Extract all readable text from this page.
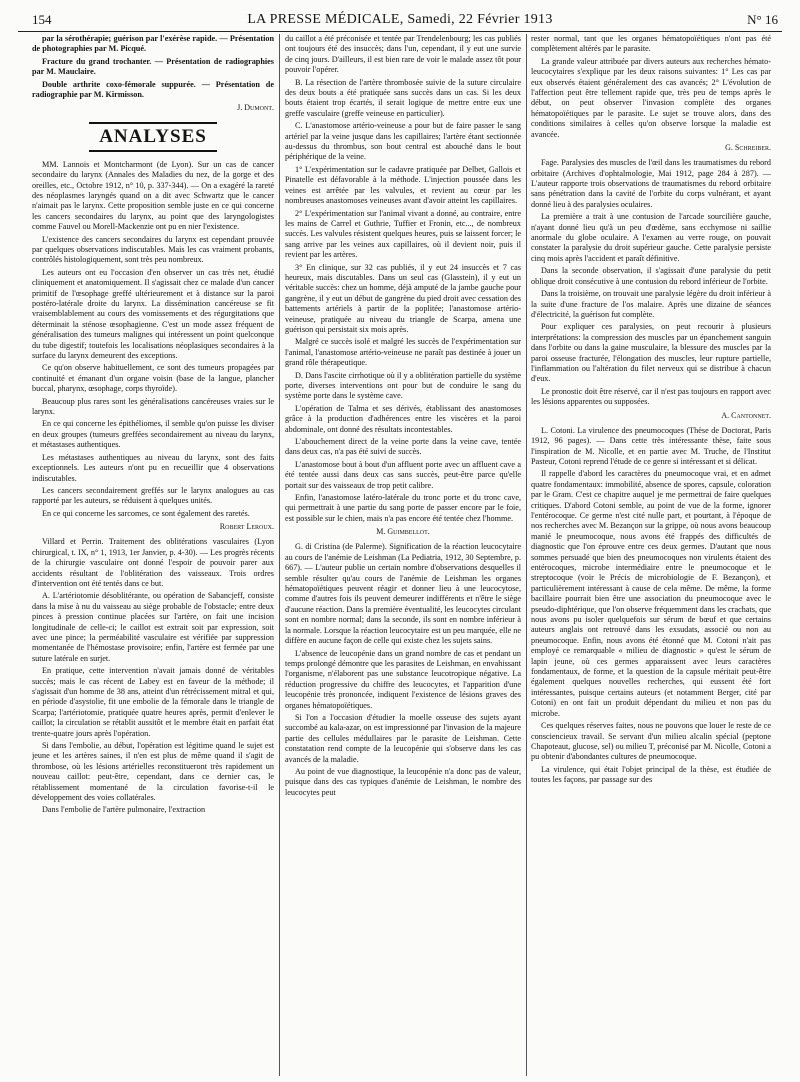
154	LA PRESSE MÉDICALE, Samedi, 22 Février 1913	N° 16

par la sérothérapie; guérison par l'exérèse rapide. — Présentation de photographies par M. Picqué.

Fracture du grand trochanter. — Présentation de radiographies par M. Mauclaire.

Double arthrite coxo-fémorale suppurée. — Présentation de radiographie par M. Kirmisson.

J. Dumont.
ANALYSES

MM. Lannois et Montcharmont (de Lyon). Sur un cas de cancer secondaire du larynx (Annales des Maladies du nez, de la gorge et des oreilles, etc., Octobre 1912, n° 10, p. 337-344). — On a exagéré la rareté des néoplasmes laryngés quand on a dit avec Schwartz que le cancer n'aimait pas le larynx. Cette proposition semble juste en ce qui concerne les cancers secondaires du larynx, au point que des laryngologistes comme Fauvel ou Morell-Mackenzie ont pu en nier l'existence.

L'existence des cancers secondaires du larynx est cependant prouvée par quelques observations indiscutables. Mais les cas vraiment probants, contrôlés histologiquement, sont très peu nombreux.

Les auteurs ont eu l'occasion d'en observer un cas très net, étudié cliniquement et anatomiquement. Il s'agissait chez ce malade d'un cancer primitif de l'œsophage greffé ultérieurement et à distance sur la paroi postéro-latérale droite du larynx. La dissémination cancéreuse se fit vraisemblablement au cours des vomissements et des régurgitations que déterminait la sténose œsophagienne. C'est un mode assez fréquent de généralisation des tumeurs malignes qui intéressent un point quelconque du tube digestif; toutefois les localisations néoplasiques secondaires à la surface du larynx demeurent des exceptions.

Ce qu'on observe habituellement, ce sont des tumeurs propagées par continuité et émanant d'un organe voisin (base de la langue, plancher buccal, pharynx, œsophage, corps thyroïde).

Beaucoup plus rares sont les généralisations cancéreuses vraies sur le larynx.

En ce qui concerne les épithéliomes, il semble qu'on puisse les diviser en deux groupes (tumeurs greffées secondairement au niveau du larynx, et métastases authentiques.

Les métastases authentiques au niveau du larynx, sont des faits exceptionnels. Les auteurs n'ont pu en recueillir que 4 observations indiscutables.

Les cancers secondairement greffés sur le larynx analogues au cas rapporté par les auteurs, se réduisent à quelques unités.

En ce qui concerne les sarcomes, ce sont également des raretés.

Robert Leroux.

Villard et Perrin. Traitement des oblitérations vasculaires (Lyon chirurgical, t. IX, n° 1, 1913, 1er Janvier, p. 4-30). — Les progrès récents de la chirurgie vasculaire ont donné l'espoir de pouvoir parer aux accidents résultant de l'oblitération des vaisseaux. Trois ordres d'intervention ont été tentés dans ce but.

A. L'artériotomie désoblitérante, ou opération de Sabancjeff, consiste dans la mise à nu du vaisseau au siège probable de l'obstacle; entre deux pinces à pression continue placées sur l'artère, on fait une incision longitudinale de celle-ci; le caillot est extrait soit par expression, soit avec une pince; la perméabilité vasculaire est vérifiée par suppression momentanée de l'hémostase provisoire; enfin, l'artère est fermée par une suture latérale en surjet.

En pratique, cette intervention n'avait jamais donné de véritables succès; mais le cas récent de Labey est en faveur de la méthode; il s'agissait d'un homme de 38 ans, atteint d'un rétrécissement mitral et qui, en période d'asystolie, fit une embolie de la fémorale dans le triangle de Scarpa; l'artériotomie, pratiquée quatre heures après, permit d'enlever le caillot; la circulation se rétablit aussitôt et le membre était en parfait état trente-quatre jours après l'opération.

Si dans l'embolie, au début, l'opération est légitime quand le sujet est jeune et les artères saines, il n'en est plus de même quand il s'agit de thrombose, où les lésions artérielles reconstitueront très rapidement un nouveau caillot: peut-être, cependant, dans ce dernier cas, le rétablissement momentané de la circulation favorise-t-il le développement des voies collatérales.

Dans l'embolie de l'artère pulmonaire, l'extraction

du caillot a été préconisée et tentée par Trendelenbourg; les cas publiés ont toujours été des insuccès; dans l'un, cependant, il y eut une survie de cinq jours. D'ailleurs, il est bien rare de voir le malade assez tôt pour pouvoir l'opérer.

B. La résection de l'artère thrombosée suivie de la suture circulaire des deux bouts a été pratiquée sans succès dans un cas. Si les deux bouts étaient trop écartés, il serait logique de mettre entre eux une greffe vasculaire (greffe veineuse en particulier).

C. L'anastomose artério-veineuse a pour but de faire passer le sang artériel par la veine jusque dans les capillaires; l'artère étant sectionnée au-dessus du thrombus, son bout central est abouché dans le bout périphérique de la veine.

1° L'expérimentation sur le cadavre pratiquée par Delbet, Gallois et Pinatelle est défavorable à la méthode. L'injection poussée dans les veines est arrêtée par les valvules, et revient au cœur par les nombreuses anastomoses veineuses avant d'avoir atteint les capillaires.

2° L'expérimentation sur l'animal vivant a donné, au contraire, entre les mains de Carrel et Guthrie, Tuffier et Fronin, etc..., de nombreux succès. Les valvules résistent quelques heures, puis se laissent forcer; le sang arrive par les veines aux capillaires, où il devient noir, puis il revient par les artères.

3° En clinique, sur 32 cas publiés, il y eut 24 insuccès et 7 cas heureux, mais discutables. Dans un seul cas (Glasstein), il y eut un véritable succès: chez un homme, déjà amputé de la jambe gauche pour gangrène, il y eut un début de gangrène du pied droit avec cessation des battements artériels à partir de la poplitée; l'anastomose artério-veineuse, pratiquée au niveau du triangle de Scarpa, amena une guérison qui persistait six mois après.

Malgré ce succès isolé et malgré les succès de l'expérimentation sur l'animal, l'anastomose artério-veineuse ne paraît pas destinée à jouer un grand rôle thérapeutique.

D. Dans l'ascite cirrhotique où il y a oblitération partielle du système porte, diverses interventions ont pour but de conduire le sang du système porte dans le système cave.

L'opération de Talma et ses dérivés, établissant des anastomoses grâce à la production d'adhérences entre les viscères et la paroi abdominale, ont donné des résultats incontestables.

L'abouchement direct de la veine porte dans la veine cave, tentée dans deux cas, n'a pas été suivi de succès.

L'anastomose bout à bout d'un affluent porte avec un affluent cave a été tentée aussi dans deux cas sans succès, peut-être parce qu'elle portait sur des vaisseaux de trop petit calibre.

Enfin, l'anastomose latéro-latérale du tronc porte et du tronc cave, qui permettrait à une partie du sang porte de passer encore par le foie, est possible sur le chien, mais n'a pas encore été tentée chez l'homme.

M. Guimbellot.

G. di Cristina (de Palerme). Signification de la réaction leucocytaire au cours de l'anémie de Leishman (La Pediatria, 1912, 30 Septembre, p. 667). — L'auteur publie un certain nombre d'observations desquelles il semble résulter qu'au cours de l'anémie de Leishman les organes hématopoïétiques peuvent réagir et donner lieu à une leucocytose, comme d'autres fois ils peuvent demeurer indifférents et n'être le siège d'aucune réaction. Dans la première éventualité, les leucocytes circulant sont en nombre normal; dans la seconde, ils sont en nombre inférieur à la normale. Lorsque la réaction leucocytaire est un peu marquée, elle ne diffère en aucune façon de celle qui existe chez les sujets sains.

L'absence de leucopénie dans un grand nombre de cas et pendant un temps prolongé démontre que les parasites de Leishman, en envahissant l'organisme, n'élaborent pas une substance leucotropique négative. La réduction progressive du chiffre des leucocytes, et l'apparition d'une leucopénie très prononcée, indiquent l'existence de lésions graves des organes hématopoïétiques.

Si l'on a l'occasion d'étudier la moelle osseuse des sujets ayant succombé au kala-azar, on est impressionné par l'invasion de la majeure partie des cellules médullaires par le parasite de Leishman. Cette constatation rend compte de la leucopénie qui s'observe dans les cas avancés de la maladie.

Au point de vue diagnostique, la leucopénie n'a donc pas de valeur, puisque dans des cas typiques d'anémie de Leishman, le nombre des leucocytes peut

rester normal, tant que les organes hématopoïétiques n'ont pas été complètement altérés par le parasite.

La grande valeur attribuée par divers auteurs aux recherches hémato-leucocytaires s'explique par les deux raisons suivantes: 1° Les cas par eux observés étaient généralement des cas avancés; 2° L'évolution de l'affection peut être tellement rapide que, très peu de temps après le début, on peut observer l'invasion complète des organes hématopoïétiques par le parasite. Le sujet se trouve alors, dans des conditions similaires à celles qu'on observe lorsque la maladie est avancée.

G. Schreiber.

Fage. Paralysies des muscles de l'œil dans les traumatismes du rebord orbitaire (Archives d'ophtalmologie, Mai 1912, page 284 à 287). — L'auteur rapporte trois observations de traumatismes du rebord orbitaire sans pénétration dans la cavité de l'orbite du corps vulnérant, et ayant donné lieu à des paralysies oculaires.

La première a trait à une contusion de l'arcade sourcilière gauche, n'ayant donné lieu qu'à un peu d'œdème, sans ecchymose ni saillie anormale du globe oculaire. A l'examen au verre rouge, on pouvait constater la paralysie du droit supérieur gauche. Cette paralysie persiste cinq mois après l'accident et paraît définitive.

Dans la seconde observation, il s'agissait d'une paralysie du petit oblique droit consécutive à une contusion du rebord inférieur de l'orbite.

Dans la troisième, on trouvait une paralysie légère du droit inférieur à la suite d'une fracture de l'os malaire. Après une dizaine de séances d'électricité, la guérison fut complète.

Pour expliquer ces paralysies, on peut recourir à plusieurs interprétations: la compression des muscles par un épanchement sanguin dans l'orbite ou dans la gaine musculaire, la blessure des muscles par la paroi osseuse fracturée, l'élongation des muscles, leur rupture partielle, l'inflammation ou l'altération du filet nerveux qui se distribue à chacun d'eux.

Le pronostic doit être réservé, car il n'est pas toujours en rapport avec les lésions apparentes ou supposées.

A. Cantonnet.

L. Cotoni. La virulence des pneumocoques (Thèse de Doctorat, Paris 1912, 96 pages). — Dans cette très intéressante thèse, faite sous l'inspiration de M. Nicolle, et en partie avec M. Truche, de l'Institut Pasteur, Cotoni reprend l'étude de ce genre si intéressant et si délicat.

Il rappelle d'abord les caractères du pneumocoque vrai, et en admet quatre fondamentaux: immobilité, absence de spores, capsule, coloration par le Gram. C'est ce chapitre auquel je me permettrai de faire quelques critiques. D'abord Cotoni semble, au point de vue de la forme, ignorer l'entérocoque. Ce germe n'est cité nulle part, et pourtant, à l'époque de nos recherches avec M. Bezançon sur la grippe, où nous avons beaucoup manié le pneumocoque, nous avons été frappés des difficultés de diagnostic que l'on éprouve entre ces deux germes. D'autant que nous sommes persuadé que bien des pneumocoques non virulents étaient des entérocoques, microbe intermédiaire entre le pneumocoque et le streptocoque (voir le Précis de microbiologie de F. Bezançon), et particulièrement intéressant à cause de cela même. De même, la forme bacillaire pourrait bien être une association du pneumocoque avec le pseudo-diphtérique, que l'on observe fréquemment dans les crachats, que nous avons pu isoler quelquefois sur sérum de bœuf et que certains auteurs anglais ont retrouvé dans les exsudats, associé ou non au pneumocoque. Enfin, nous avons été étonné que M. Cotoni n'ait pas employé ce remarquable « milieu de diagnostic » qu'est le sérum de lapin jeune, où ces germes apparaissent avec leurs caractères fondamentaux, de forme, et la question de la capsule méritait peut-être également quelques nouvelles recherches, qui eussent été fort intéressantes, puisque certains auteurs (et notamment Berger, cité par Cotoni) en ont fait un produit dépendant du milieu et non pas du microbe.

Ces quelques réserves faites, nous ne pouvons que louer le reste de ce consciencieux travail. Se servant d'un milieu alcalin spécial (peptone Chapoteaut, glucose, sel) ou milieu T, préconisé par M. Nicolle, Cotoni a pu obtenir d'abondantes cultures de pneumocoque.

La virulence, qui était l'objet principal de la thèse, est étudiée de toutes les façons, par passage sur des
